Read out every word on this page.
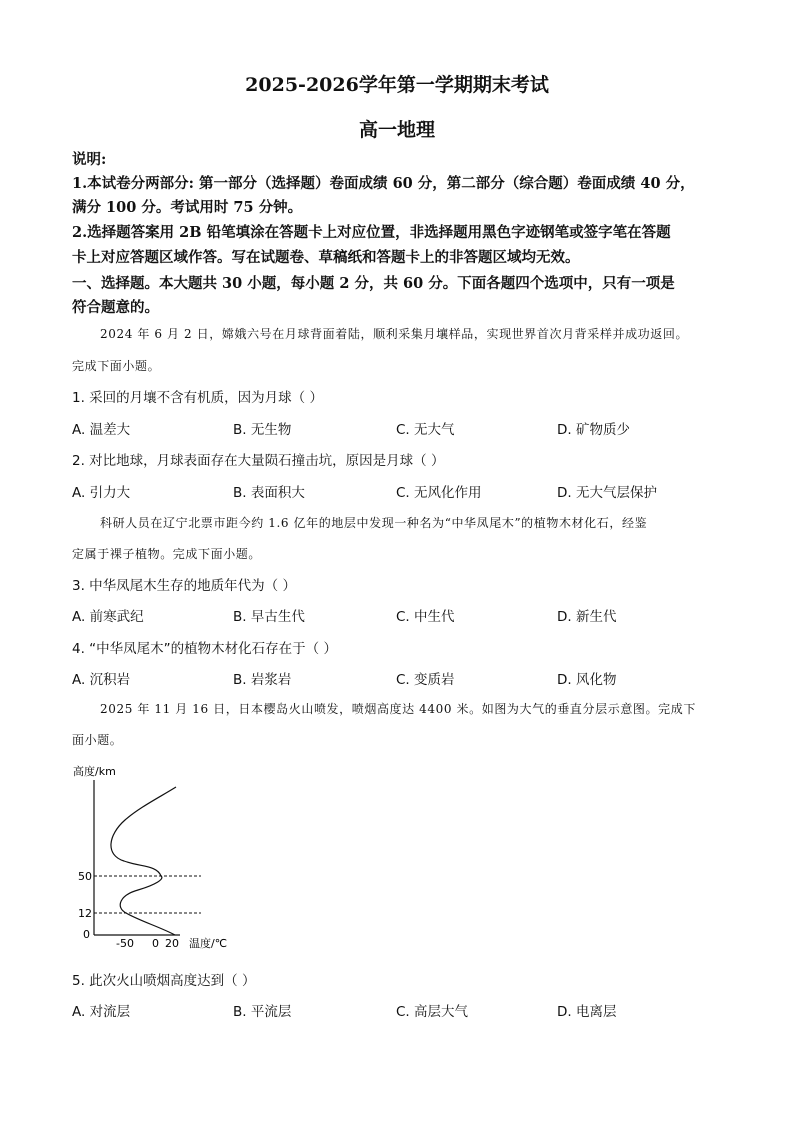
2025-2026学年第一学期期末考试
高一地理
说明:
1.本试卷分两部分: 第一部分（选择题）卷面成绩 60 分，第二部分（综合题）卷面成绩 40 分，
满分 100 分。考试用时 75 分钟。
2.选择题答案用 2B 铅笔填涂在答题卡上对应位置，非选择题用黑色字迹钢笔或签字笔在答题
卡上对应答题区域作答。写在试题卷、草稿纸和答题卡上的非答题区域均无效。
一、选择题。本大题共 30 小题，每小题 2 分，共 60 分。下面各题四个选项中，只有一项是
符合题意的。
2024 年 6 月 2 日，嫦娥六号在月球背面着陆，顺利采集月壤样品，实现世界首次月背采样并成功返回。
完成下面小题。
1. 采回的月壤不含有机质，因为月球（ ）
A. 温差大	B. 无生物	C. 无大气	D. 矿物质少
2. 对比地球，月球表面存在大量陨石撞击坑，原因是月球（ ）
A. 引力大	B. 表面积大	C. 无风化作用	D. 无大气层保护
科研人员在辽宁北票市距今约 1.6 亿年的地层中发现一种名为“中华凤尾木”的植物木材化石，经鉴
定属于裸子植物。完成下面小题。
3. 中华凤尾木生存的地质年代为（ ）
A. 前寒武纪	B. 早古生代	C. 中生代	D. 新生代
4. “中华凤尾木”的植物木材化石存在于（ ）
A. 沉积岩	B. 岩浆岩	C. 变质岩	D. 风化物
2025 年 11 月 16 日，日本樱岛火山喷发，喷烟高度达 4400 米。如图为大气的垂直分层示意图。完成下
面小题。
高度/km
50
12
0
-50 0 20 温度/℃
5. 此次火山喷烟高度达到（ ）
A. 对流层	B. 平流层	C. 高层大气	D. 电离层
